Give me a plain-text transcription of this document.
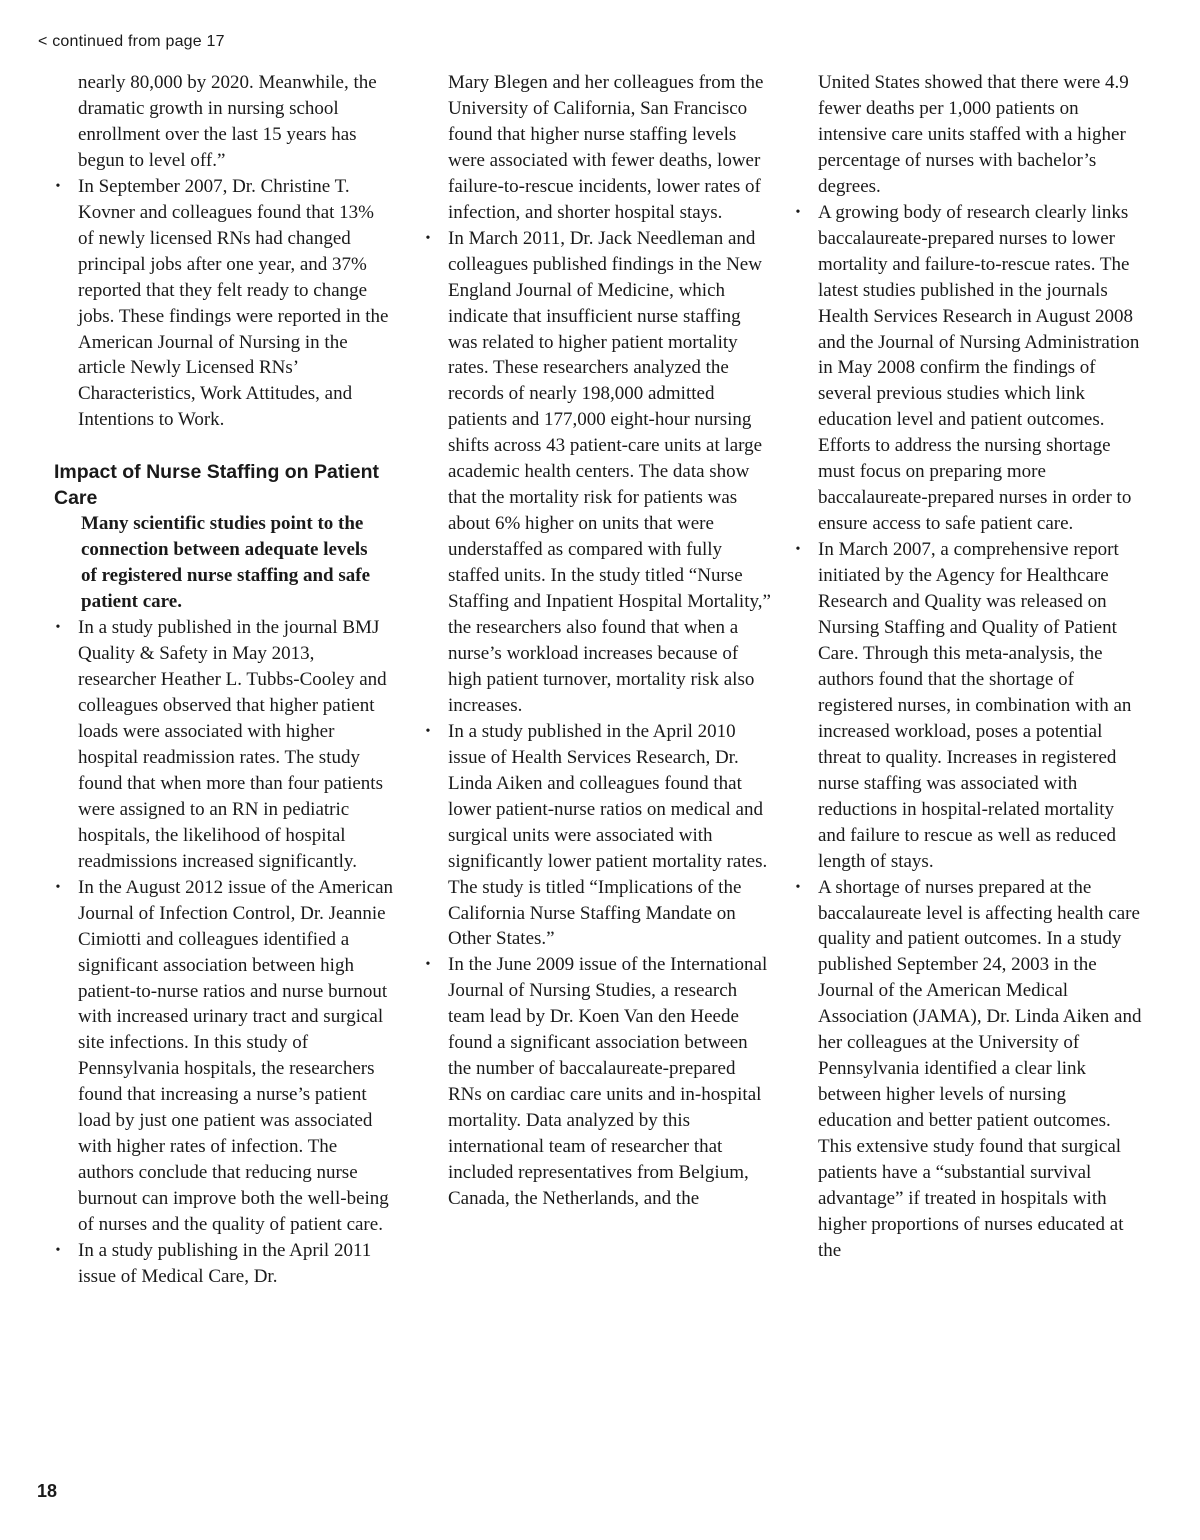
< continued from page 17

nearly 80,000 by 2020. Meanwhile, the dramatic growth in nursing school enrollment over the last 15 years has begun to level off.”

• In September 2007, Dr. Christine T. Kovner and colleagues found that 13% of newly licensed RNs had changed principal jobs after one year, and 37% reported that they felt ready to change jobs. These findings were reported in the American Journal of Nursing in the article Newly Licensed RNs’ Characteristics, Work Attitudes, and Intentions to Work.
Impact of Nurse Staffing on Patient Care

Many scientific studies point to the
connection between adequate levels
of registered nurse staffing and safe
patient care.

• In a study published in the journal BMJ Quality & Safety in May 2013, researcher Heather L. Tubbs-Cooley and colleagues observed that higher patient loads were associated with higher hospital readmission rates. The study found that when more than four patients were assigned to an RN in pediatric hospitals, the likelihood of hospital readmissions increased significantly.
• In the August 2012 issue of the American Journal of Infection Control, Dr. Jeannie Cimiotti and colleagues identified a significant association between high patient-to-nurse ratios and nurse burnout with increased urinary tract and surgical site infections. In this study of Pennsylvania hospitals, the researchers found that increasing a nurse’s patient load by just one patient was associated with higher rates of infection. The authors conclude that reducing nurse burnout can improve both the well-being of nurses and the quality of patient care.
• In a study publishing in the April 2011 issue of Medical Care, Dr.

Mary Blegen and her colleagues from the University of California, San Francisco found that higher nurse staffing levels were associated with fewer deaths, lower failure-to-rescue incidents, lower rates of infection, and shorter hospital stays.

• In March 2011, Dr. Jack Needleman and colleagues published findings in the New England Journal of Medicine, which indicate that insufficient nurse staffing was related to higher patient mortality rates. These researchers analyzed the records of nearly 198,000 admitted patients and 177,000 eight-hour nursing shifts across 43 patient-care units at large academic health centers. The data show that the mortality risk for patients was about 6% higher on units that were understaffed as compared with fully staffed units. In the study titled “Nurse Staffing and Inpatient Hospital Mortality,” the researchers also found that when a nurse’s workload increases because of high patient turnover, mortality risk also increases.
• In a study published in the April 2010 issue of Health Services Research, Dr. Linda Aiken and colleagues found that lower patient-nurse ratios on medical and surgical units were associated with significantly lower patient mortality rates. The study is titled “Implications of the California Nurse Staffing Mandate on Other States.”
• In the June 2009 issue of the International Journal of Nursing Studies, a research team lead by Dr. Koen Van den Heede found a significant association between the number of baccalaureate-prepared RNs on cardiac care units and in-hospital mortality. Data analyzed by this international team of researcher that included representatives from Belgium, Canada, the Netherlands, and the

United States showed that there were 4.9 fewer deaths per 1,000 patients on intensive care units staffed with a higher percentage of nurses with bachelor’s degrees.

• A growing body of research clearly links baccalaureate-prepared nurses to lower mortality and failure-to-rescue rates. The latest studies published in the journals Health Services Research in August 2008 and the Journal of Nursing Administration in May 2008 confirm the findings of several previous studies which link education level and patient outcomes. Efforts to address the nursing shortage must focus on preparing more baccalaureate-prepared nurses in order to ensure access to safe patient care.
• In March 2007, a comprehensive report initiated by the Agency for Healthcare Research and Quality was released on Nursing Staffing and Quality of Patient Care. Through this meta-analysis, the authors found that the shortage of registered nurses, in combination with an increased workload, poses a potential threat to quality. Increases in registered nurse staffing was associated with reductions in hospital-related mortality and failure to rescue as well as reduced length of stays.
• A shortage of nurses prepared at the baccalaureate level is affecting health care quality and patient outcomes. In a study published September 24, 2003 in the Journal of the American Medical Association (JAMA), Dr. Linda Aiken and her colleagues at the University of Pennsylvania identified a clear link between higher levels of nursing education and better patient outcomes. This extensive study found that surgical patients have a “substantial survival advantage” if treated in hospitals with higher proportions of nurses educated at the
18
